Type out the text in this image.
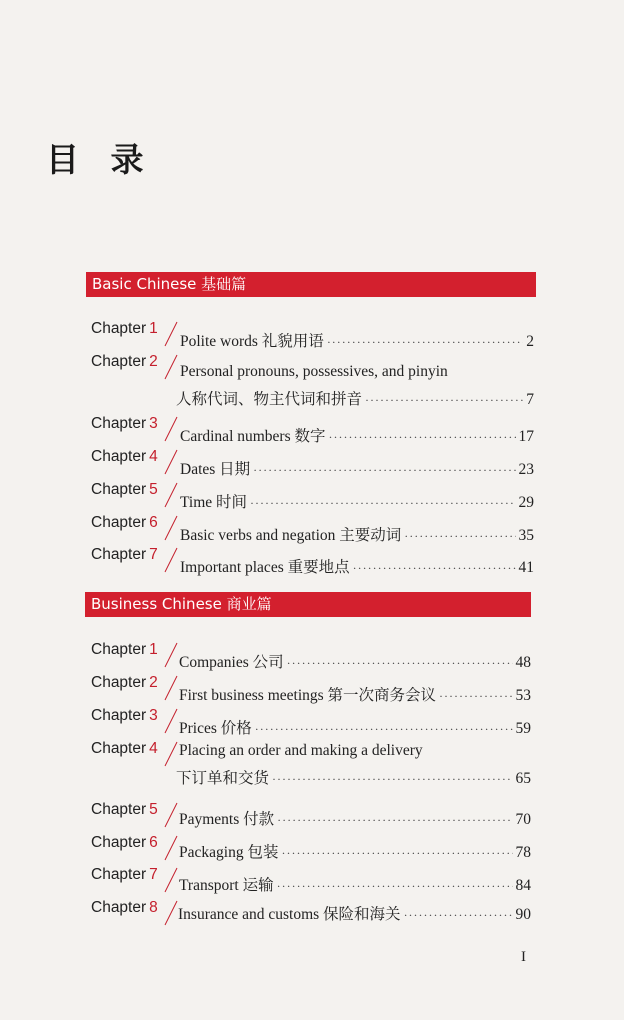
目 录
Basic Chinese 基础篇
Chapter 1
Polite words 礼貌用语 ·····	2
Chapter 2
Personal pronouns, possessives, and pinyin
人称代词、物主代词和拼音 ·····	7
Chapter 3
Cardinal numbers 数字 ·····	17
Chapter 4
Dates 日期 ·····	23
Chapter 5
Time 时间 ·····	29
Chapter 6
Basic verbs and negation 主要动词 ·····	35
Chapter 7
Important places 重要地点 ·····	41
Business Chinese 商业篇
Chapter 1
Companies 公司 ·····	48
Chapter 2
First business meetings 第一次商务会议 ·····	53
Chapter 3
Prices 价格 ·····	59
Chapter 4 Placing an order and making a delivery
下订单和交货 ·····	65
Chapter 5
Payments 付款 ·····	70
Chapter 6
Packaging 包装 ·····	78
Chapter 7
Transport 运输 ·····	84
Chapter 8 Insurance and customs 保险和海关 ·····	90
I
